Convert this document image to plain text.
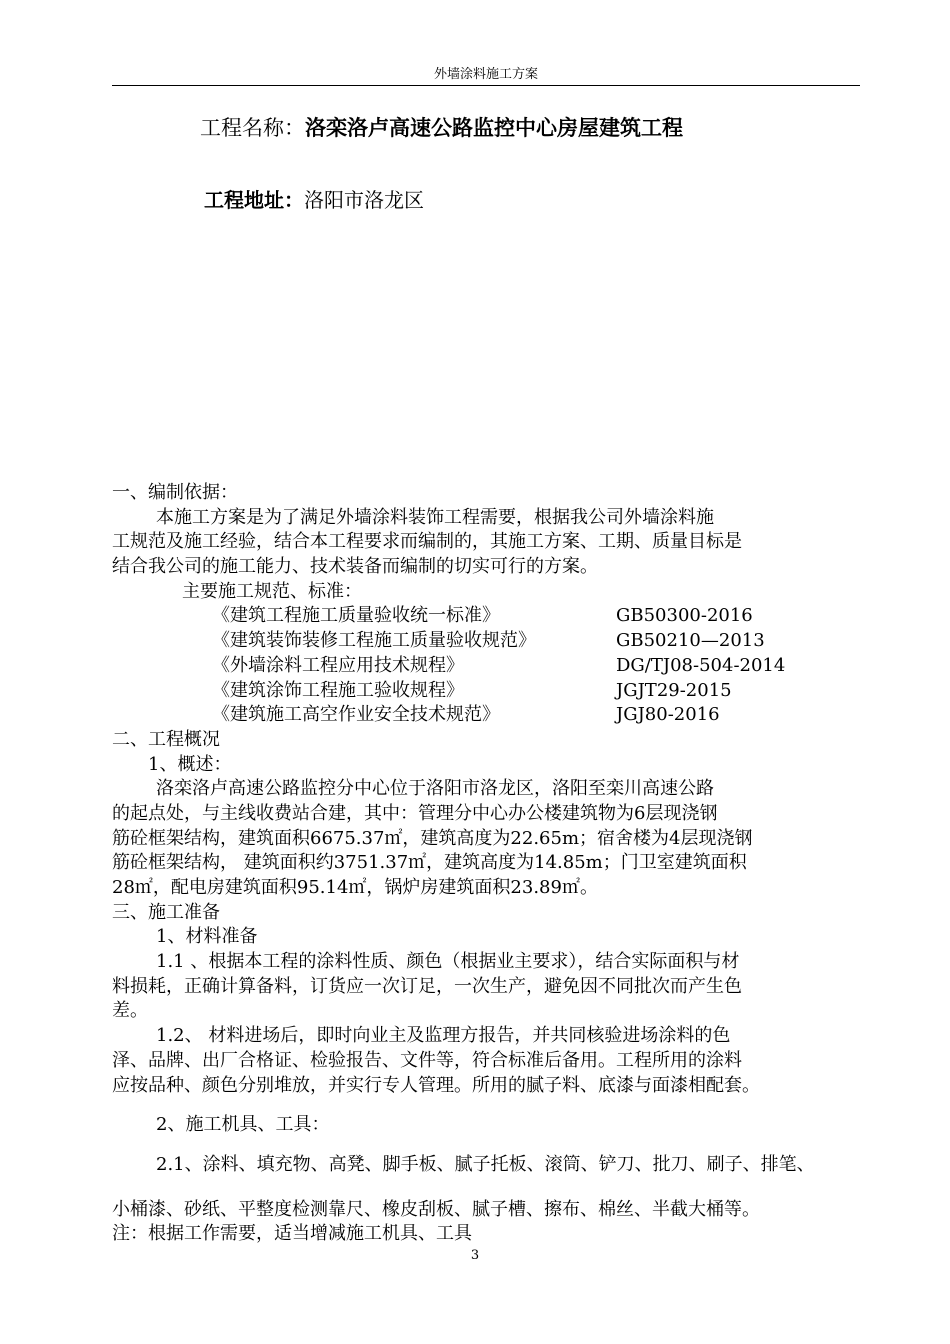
外墙涂料施工方案
工程名称：洛栾洛卢高速公路监控中心房屋建筑工程
工程地址：洛阳市洛龙区
一、编制依据：
本施工方案是为了满足外墙涂料装饰工程需要，根据我公司外墙涂料施
工规范及施工经验，结合本工程要求而编制的，其施工方案、工期、质量目标是
结合我公司的施工能力、技术装备而编制的切实可行的方案。
主要施工规范、标准：
《建筑工程施工质量验收统一标准》	GB50300-2016
《建筑装饰装修工程施工质量验收规范》	GB50210—2013
《外墙涂料工程应用技术规程》	DG/TJ08-504-2014
《建筑涂饰工程施工验收规程》	JGJT29-2015
《建筑施工高空作业安全技术规范》	JGJ80-2016
二、工程概况
1、概述：
洛栾洛卢高速公路监控分中心位于洛阳市洛龙区，洛阳至栾川高速公路
的起点处，与主线收费站合建，其中：管理分中心办公楼建筑物为6层现浇钢
筋砼框架结构，建筑面积6675.37㎡，建筑高度为22.65m；宿舍楼为4层现浇钢
筋砼框架结构， 建筑面积约3751.37㎡，建筑高度为14.85m；门卫室建筑面积
28㎡，配电房建筑面积95.14㎡，锅炉房建筑面积23.89㎡。
三、施工准备
1、材料准备
1.1 、根据本工程的涂料性质、颜色（根据业主要求），结合实际面积与材
料损耗，正确计算备料，订货应一次订足，一次生产，避免因不同批次而产生色
差。
1.2、 材料进场后，即时向业主及监理方报告，并共同核验进场涂料的色
泽、品牌、出厂合格证、检验报告、文件等，符合标准后备用。工程所用的涂料
应按品种、颜色分别堆放，并实行专人管理。所用的腻子料、底漆与面漆相配套。
2、施工机具、工具：
2.1、涂料、填充物、高凳、脚手板、腻子托板、滚筒、铲刀、批刀、刷子、排笔、
小桶漆、砂纸、平整度检测靠尺、橡皮刮板、腻子槽、擦布、棉丝、半截大桶等。
注：根据工作需要，适当增减施工机具、工具
3
